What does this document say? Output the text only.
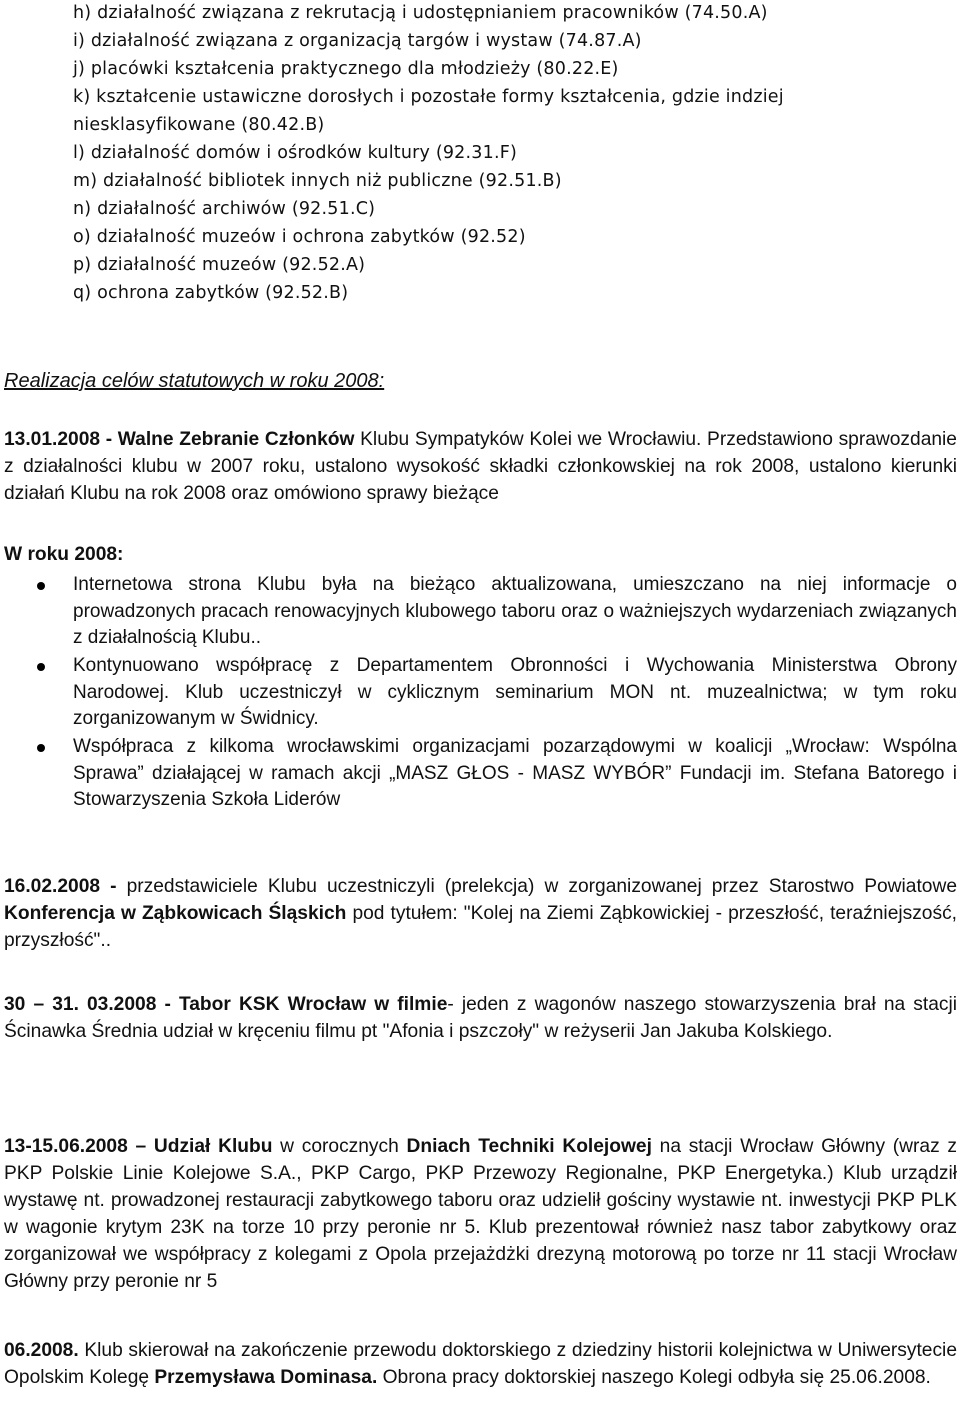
h) działalność związana z rekrutacją i udostępnianiem pracowników (74.50.A)
i) działalność związana z organizacją targów i wystaw (74.87.A)
j) placówki kształcenia praktycznego dla młodzieży (80.22.E)
k) kształcenie ustawiczne dorosłych i pozostałe formy kształcenia, gdzie indziej
niesklasyfikowane (80.42.B)
l) działalność domów i ośrodków kultury (92.31.F)
m) działalność bibliotek innych niż publiczne (92.51.B)
n) działalność archiwów (92.51.C)
o) działalność muzeów i ochrona zabytków (92.52)
p) działalność muzeów (92.52.A)
q) ochrona zabytków (92.52.B)
Realizacja celów statutowych w roku 2008:
13.01.2008 - Walne Zebranie Członków Klubu Sympatyków Kolei we Wrocławiu. Przedstawiono sprawozdanie z działalności klubu w 2007 roku, ustalono wysokość składki członkowskiej na rok 2008, ustalono kierunki działań Klubu na rok 2008 oraz omówiono sprawy bieżące
W roku 2008:
Internetowa strona Klubu była na bieżąco aktualizowana, umieszczano na niej informacje o prowadzonych pracach renowacyjnych klubowego taboru oraz o ważniejszych wydarzeniach związanych z działalnością Klubu..
Kontynuowano współpracę z Departamentem Obronności i Wychowania Ministerstwa Obrony Narodowej. Klub uczestniczył w cyklicznym seminarium MON nt. muzealnictwa; w tym roku zorganizowanym w Świdnicy.
Współpraca z kilkoma wrocławskimi organizacjami pozarządowymi w koalicji „Wrocław: Wspólna Sprawa” działającej w ramach akcji „MASZ GŁOS - MASZ WYBÓR” Fundacji im. Stefana Batorego i Stowarzyszenia Szkoła Liderów
16.02.2008 - przedstawiciele Klubu uczestniczyli (prelekcja) w zorganizowanej przez Starostwo Powiatowe Konferencja w Ząbkowicach Śląskich pod tytułem: "Kolej na Ziemi Ząbkowickiej - przeszłość, teraźniejszość, przyszłość"..
30 – 31. 03.2008 - Tabor KSK Wrocław w filmie- jeden z wagonów naszego stowarzyszenia brał na stacji Ścinawka Średnia udział w kręceniu filmu pt "Afonia i pszczoły" w reżyserii Jan Jakuba Kolskiego.
13-15.06.2008 – Udział Klubu w corocznych Dniach Techniki Kolejowej na stacji Wrocław Główny (wraz z PKP Polskie Linie Kolejowe S.A., PKP Cargo, PKP Przewozy Regionalne, PKP Energetyka.) Klub urządził wystawę nt. prowadzonej restauracji zabytkowego taboru oraz udzielił gościny wystawie nt. inwestycji PKP PLK w wagonie krytym 23K na torze 10 przy peronie nr 5. Klub prezentował również nasz tabor zabytkowy oraz zorganizował we współpracy z kolegami z Opola przejażdżki drezyną motorową po torze nr 11 stacji Wrocław Główny przy peronie nr 5
06.2008. Klub skierował na zakończenie przewodu doktorskiego z dziedziny historii kolejnictwa w Uniwersytecie Opolskim Kolegę Przemysława Dominasa. Obrona pracy doktorskiej naszego Kolegi odbyła się 25.06.2008.
